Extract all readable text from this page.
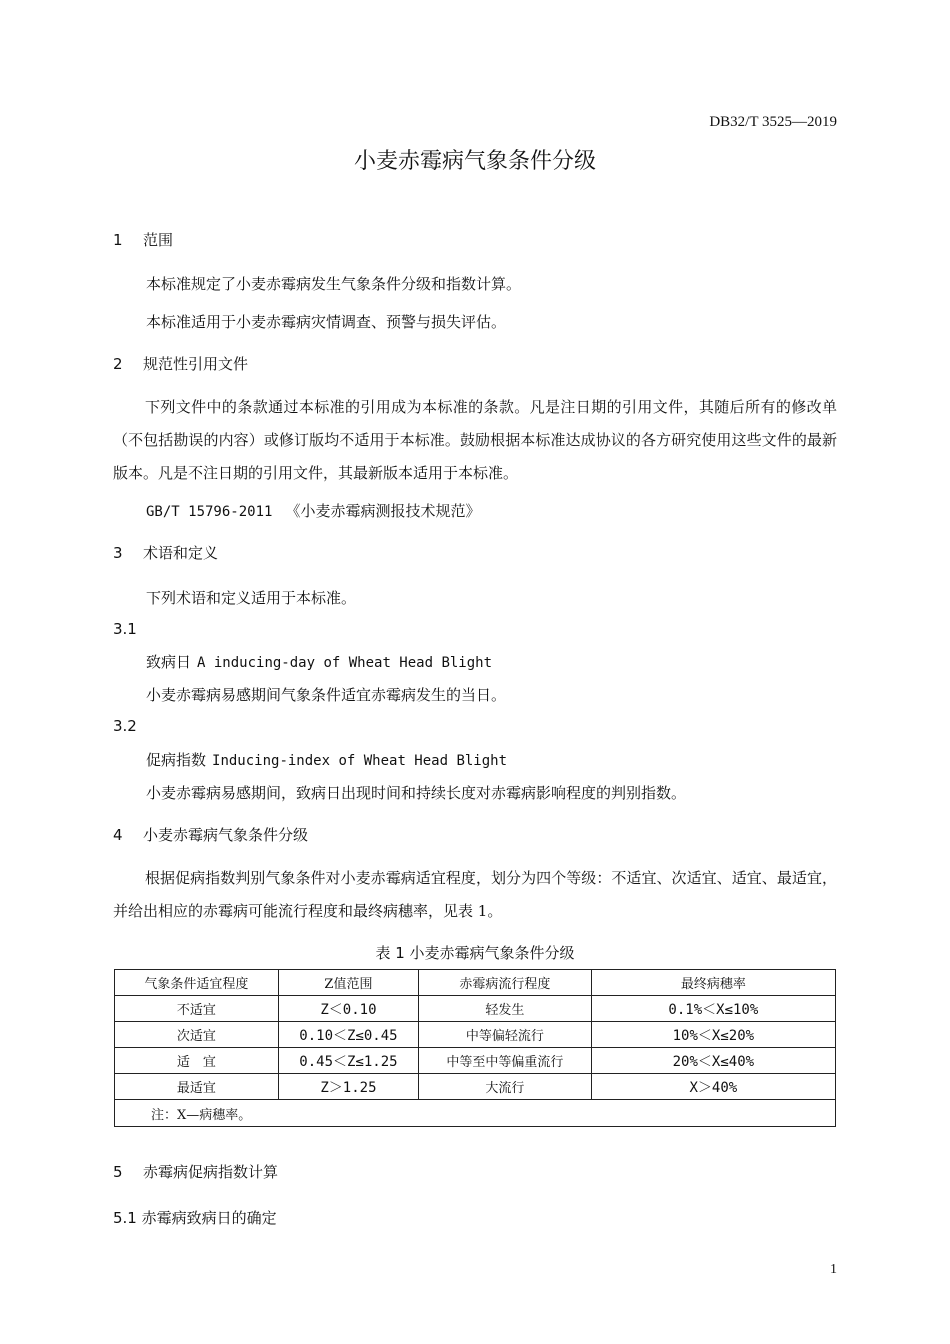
DB32/T 3525—2019
小麦赤霉病气象条件分级
1 范围
本标准规定了小麦赤霉病发生气象条件分级和指数计算。
本标准适用于小麦赤霉病灾情调查、预警与损失评估。
2 规范性引用文件
下列文件中的条款通过本标准的引用成为本标准的条款。凡是注日期的引用文件，其随后所有的修改单（不包括勘误的内容）或修订版均不适用于本标准。鼓励根据本标准达成协议的各方研究使用这些文件的最新版本。凡是不注日期的引用文件，其最新版本适用于本标准。
GB/T 15796-2011 《小麦赤霉病测报技术规范》
3 术语和定义
下列术语和定义适用于本标准。
3.1
致病日 A inducing-day of Wheat Head Blight
小麦赤霉病易感期间气象条件适宜赤霉病发生的当日。
3.2
促病指数 Inducing-index of Wheat Head Blight
小麦赤霉病易感期间，致病日出现时间和持续长度对赤霉病影响程度的判别指数。
4 小麦赤霉病气象条件分级
根据促病指数判别气象条件对小麦赤霉病适宜程度，划分为四个等级：不适宜、次适宜、适宜、最适宜，并给出相应的赤霉病可能流行程度和最终病穗率，见表 1。
表 1 小麦赤霉病气象条件分级
气象条件适宜程度	Z值范围	赤霉病流行程度	最终病穗率
不适宜	Z＜0.10	轻发生	0.1%＜X≤10%
次适宜	0.10＜Z≤0.45	中等偏轻流行	10%＜X≤20%
适　宜	0.45＜Z≤1.25	中等至中等偏重流行	20%＜X≤40%
最适宜	Z＞1.25	大流行	X＞40%
注：X—病穗率。			
5 赤霉病促病指数计算
5.1 赤霉病致病日的确定
1
